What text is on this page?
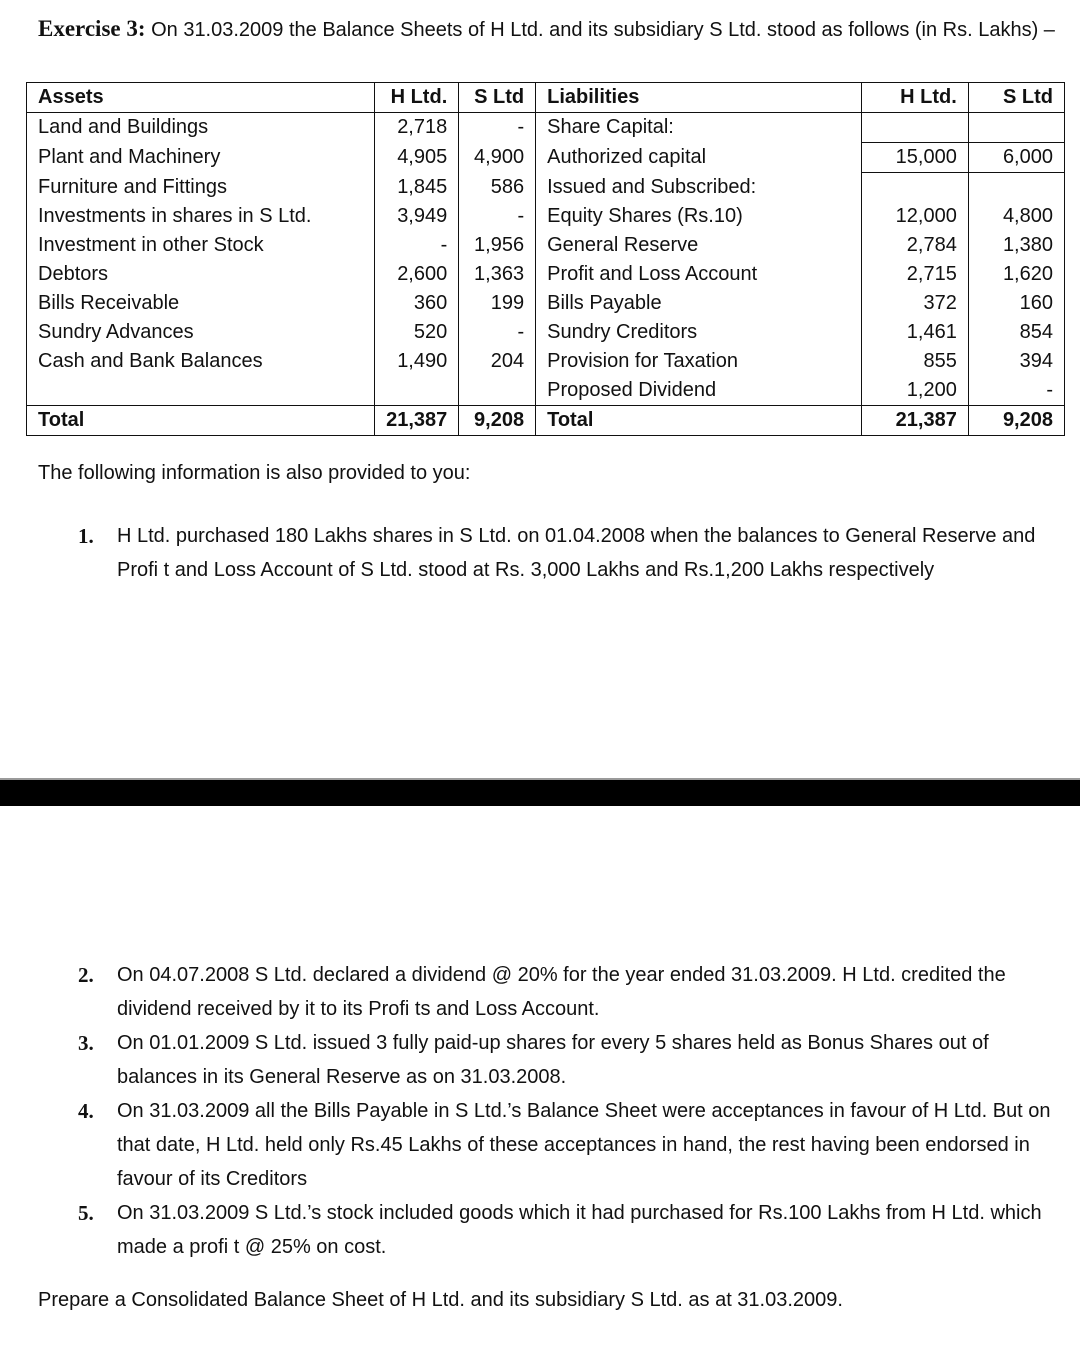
Exercise 3: On 31.03.2009 the Balance Sheets of H Ltd. and its subsidiary S Ltd. stood as follows (in Rs. Lakhs) –
Assets	H Ltd.	S Ltd	Liabilities	H Ltd.	S Ltd
Land and Buildings	2,718	-	Share Capital:		
Plant and Machinery	4,905	4,900	Authorized capital	15,000	6,000
Furniture and Fittings	1,845	586	Issued and Subscribed:		
Investments in shares in S Ltd.	3,949	-	Equity Shares (Rs.10)	12,000	4,800
Investment in other Stock	-	1,956	General Reserve	2,784	1,380
Debtors	2,600	1,363	Profit and Loss Account	2,715	1,620
Bills Receivable	360	199	Bills Payable	372	160
Sundry Advances	520	-	Sundry Creditors	1,461	854
Cash and Bank Balances	1,490	204	Provision for Taxation	855	394
			Proposed Dividend	1,200	-
Total	21,387	9,208	Total	21,387	9,208
The following information is also provided to you:
1.	H Ltd. purchased 180 Lakhs shares in S Ltd. on 01.04.2008 when the balances to General Reserve and Profi t and Loss Account of S Ltd. stood at Rs. 3,000 Lakhs and Rs.1,200 Lakhs respectively
2.	On 04.07.2008 S Ltd. declared a dividend @ 20% for the year ended 31.03.2009. H Ltd. credited the dividend received by it to its Profi ts and Loss Account.
3.	On 01.01.2009 S Ltd. issued 3 fully paid-up shares for every 5 shares held as Bonus Shares out of balances in its General Reserve as on 31.03.2008.
4.	On 31.03.2009 all the Bills Payable in S Ltd.’s Balance Sheet were acceptances in favour of H Ltd. But on that date, H Ltd. held only Rs.45 Lakhs of these acceptances in hand, the rest having been endorsed in favour of its Creditors
5.	On 31.03.2009 S Ltd.’s stock included goods which it had purchased for Rs.100 Lakhs from H Ltd. which made a profi t @ 25% on cost.
Prepare a Consolidated Balance Sheet of H Ltd. and its subsidiary S Ltd. as at 31.03.2009.
